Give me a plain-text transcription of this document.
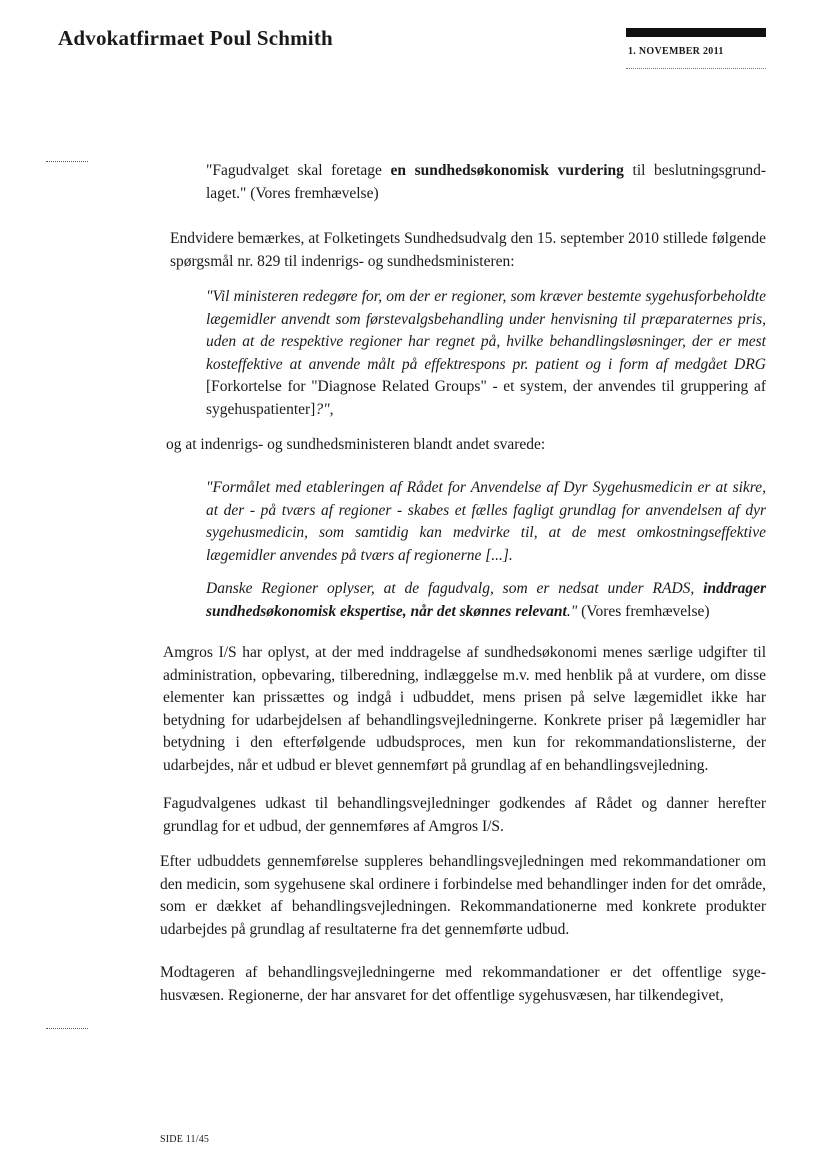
Advokatfirmaet Poul Schmith
1. NOVEMBER 2011

"Fagudvalget skal foretage en sundhedsøkonomisk vurdering til beslutningsgrundlaget." (Vores fremhævelse)

Endvidere bemærkes, at Folketingets Sundhedsudvalg den 15. september 2010 stillede følgende spørgsmål nr. 829 til indenrigs- og sundhedsministeren:

"Vil ministeren redegøre for, om der er regioner, som kræver bestemte sygehusforbeholdte lægemidler anvendt som førstevalgsbehandling under henvisning til præparaternes pris, uden at de respektive regioner har regnet på, hvilke behandlingsløsninger, der er mest kosteffektive at anvende målt på effektrespons pr. patient og i form af medgået DRG [Forkortelse for "Diagnose Related Groups" - et system, der anvendes til gruppering af sygehuspatienter]?",

og at indenrigs- og sundhedsministeren blandt andet svarede:

"Formålet med etableringen af Rådet for Anvendelse af Dyr Sygehusmedicin er at sikre, at der - på tværs af regioner - skabes et fælles fagligt grundlag for anvendelsen af dyr sygehusmedicin, som samtidig kan medvirke til, at de mest omkostningseffektive lægemidler anvendes på tværs af regionerne [...].

Danske Regioner oplyser, at de fagudvalg, som er nedsat under RADS, inddrager sundhedsøkonomisk ekspertise, når det skønnes relevant." (Vores fremhævelse)

Amgros I/S har oplyst, at der med inddragelse af sundhedsøkonomi menes særlige udgifter til administration, opbevaring, tilberedning, indlæggelse m.v. med henblik på at vurdere, om disse elementer kan prissættes og indgå i udbuddet, mens prisen på selve lægemidlet ikke har betydning for udarbejdelsen af behandlingsvejledningerne. Konkrete priser på lægemidler har betydning i den efterfølgende udbudsproces, men kun for rekommandationslisterne, der udarbejdes, når et udbud er blevet gennemført på grundlag af en behandlingsvejledning.

Fagudvalgenes udkast til behandlingsvejledninger godkendes af Rådet og danner herefter grundlag for et udbud, der gennemføres af Amgros I/S.

Efter udbuddets gennemførelse suppleres behandlingsvejledningen med rekommandationer om den medicin, som sygehusene skal ordinere i forbindelse med behandlinger inden for det område, som er dækket af behandlingsvejledningen. Rekommandationerne med konkrete produkter udarbejdes på grundlag af resultaterne fra det gennemførte udbud.

Modtageren af behandlingsvejledningerne med rekommandationer er det offentlige sygehusvæsen. Regionerne, der har ansvaret for det offentlige sygehusvæsen, har tilkendegivet,

SIDE 11/45
